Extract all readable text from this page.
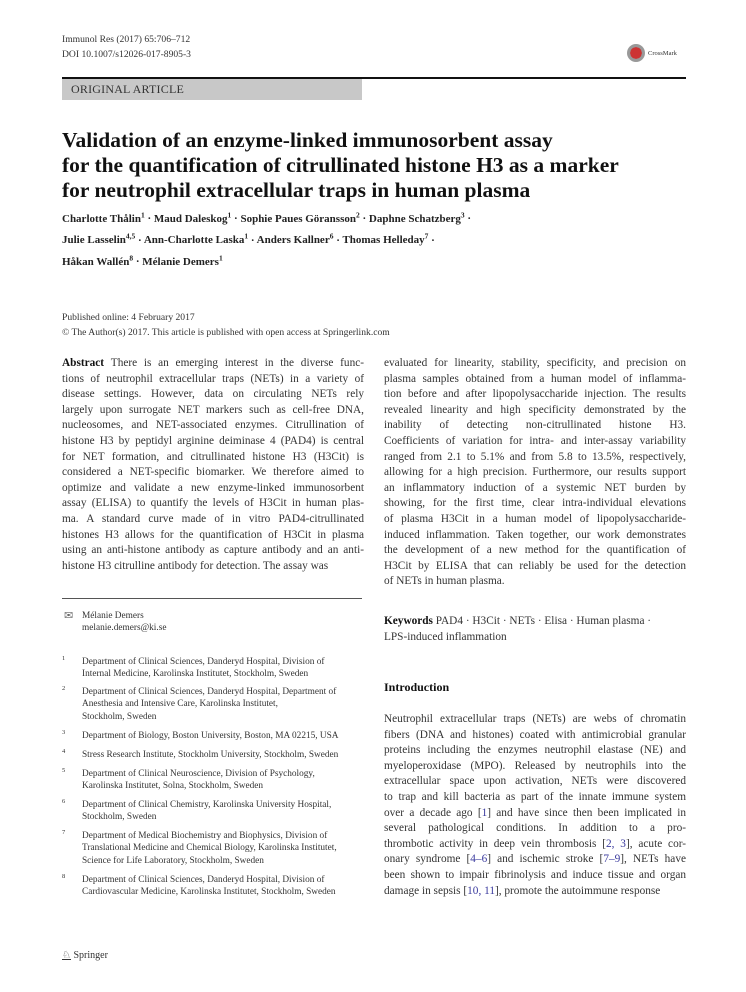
Immunol Res (2017) 65:706–712
DOI 10.1007/s12026-017-8905-3	CrossMark
ORIGINAL ARTICLE
Validation of an enzyme-linked immunosorbent assay
for the quantification of citrullinated histone H3 as a marker
for neutrophil extracellular traps in human plasma
Charlotte Thålin$^1$ · Maud Daleskog$^1$ · Sophie Paues Göransson$^2$ · Daphne Schatzberg$^3$ ·
Julie Lasselin$^{4,5}$ · Ann-Charlotte Laska$^1$ · Anders Kallner$^6$ · Thomas Helleday$^7$ ·
Håkan Wallén$^8$ · Mélanie Demers$^1$
Published online: 4 February 2017
© The Author(s) 2017. This article is published with open access at Springerlink.com
Abstract There is an emerging interest in the diverse func-
tions of neutrophil extracellular traps (NETs) in a variety of
disease settings. However, data on circulating NETs rely
largely upon surrogate NET markers such as cell-free DNA,
nucleosomes, and NET-associated enzymes. Citrullination of
histone H3 by peptidyl arginine deiminase 4 (PAD4) is central
for NET formation, and citrullinated histone H3 (H3Cit) is
considered a NET-specific biomarker. We therefore aimed to
optimize and validate a new enzyme-linked immunosorbent
assay (ELISA) to quantify the levels of H3Cit in human plas-
ma. A standard curve made of in vitro PAD4-citrullinated
histones H3 allows for the quantification of H3Cit in plasma
using an anti-histone antibody as capture antibody and an anti-
histone H3 citrulline antibody for detection. The assay was
evaluated for linearity, stability, specificity, and precision on
plasma samples obtained from a human model of inflamma-
tion before and after lipopolysaccharide injection. The results
revealed linearity and high specificity demonstrated by the
inability of detecting non-citrullinated histone H3.
Coefficients of variation for intra- and inter-assay variability
ranged from 2.1 to 5.1% and from 5.8 to 13.5%, respectively,
allowing for a high precision. Furthermore, our results support
an inflammatory induction of a systemic NET burden by
showing, for the first time, clear intra-individual elevations
of plasma H3Cit in a human model of lipopolysaccharide-
induced inflammation. Taken together, our work demonstrates
the development of a new method for the quantification of
H3Cit by ELISA that can reliably be used for the detection
of NETs in human plasma.
Keywords PAD4 · H3Cit · NETs · Elisa · Human plasma ·
LPS-induced inflammation
✉ Mélanie Demers
melanie.demers@ki.se
1 Department of Clinical Sciences, Danderyd Hospital, Division of
Internal Medicine, Karolinska Institutet, Stockholm, Sweden
2 Department of Clinical Sciences, Danderyd Hospital, Department of
Anesthesia and Intensive Care, Karolinska Institutet,
Stockholm, Sweden
3 Department of Biology, Boston University, Boston, MA 02215, USA
4 Stress Research Institute, Stockholm University, Stockholm, Sweden
5 Department of Clinical Neuroscience, Division of Psychology,
Karolinska Institutet, Solna, Stockholm, Sweden
6 Department of Clinical Chemistry, Karolinska University Hospital,
Stockholm, Sweden
7 Department of Medical Biochemistry and Biophysics, Division of
Translational Medicine and Chemical Biology, Karolinska Institutet,
Science for Life Laboratory, Stockholm, Sweden
8 Department of Clinical Sciences, Danderyd Hospital, Division of
Cardiovascular Medicine, Karolinska Institutet, Stockholm, Sweden
Introduction
Neutrophil extracellular traps (NETs) are webs of chromatin
fibers (DNA and histones) coated with antimicrobial granular
proteins including the enzymes neutrophil elastase (NE) and
myeloperoxidase (MPO). Released by neutrophils into the
extracellular space upon activation, NETs were discovered
to trap and kill bacteria as part of the innate immune system
over a decade ago [1] and have since then been implicated in
several pathological conditions. In addition to a pro-
thrombotic activity in deep vein thrombosis [2, 3], acute cor-
onary syndrome [4–6] and ischemic stroke [7–9], NETs have
been shown to impair fibrinolysis and induce tissue and organ
damage in sepsis [10, 11], promote the autoimmune response
♘ Springer
